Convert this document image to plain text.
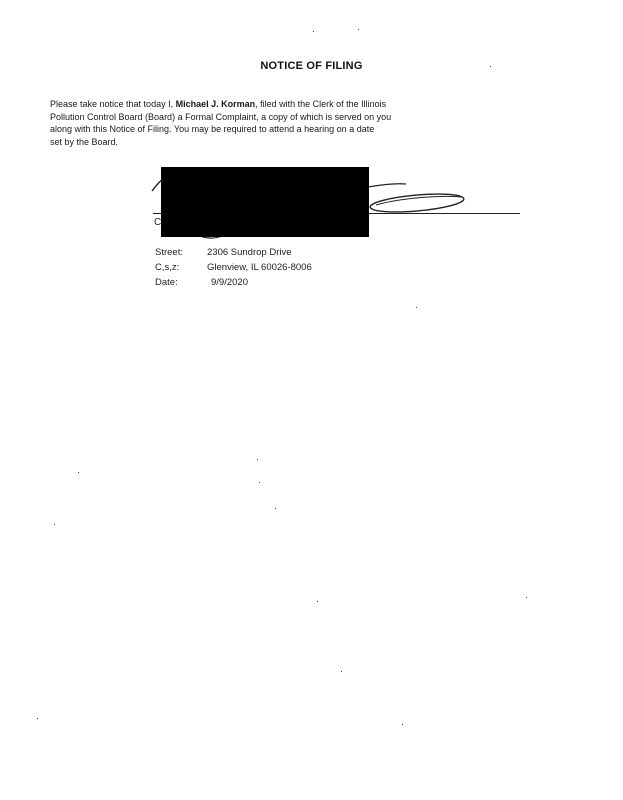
NOTICE OF FILING
Please take notice that today I, Michael J. Korman, filed with the Clerk of the Illinois
Pollution Control Board (Board) a Formal Complaint, a copy of which is served on you
along with this Notice of Filing. You may be required to attend a hearing on a date
set by the Board.
C
Street:	2306 Sundrop Drive
C,s,z:	Glenview, IL 60026-8006
Date:	9/9/2020
